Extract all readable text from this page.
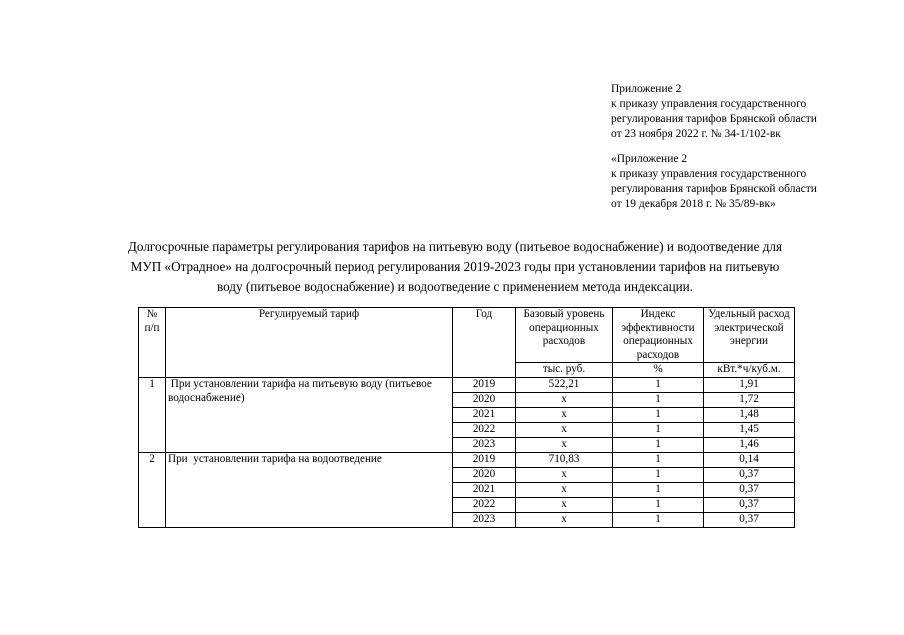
Приложение 2
к приказу управления государственного
регулирования тарифов Брянской области
от 23 ноября 2022 г. № 34-1/102-вк
«Приложение 2
к приказу управления государственного
регулирования тарифов Брянской области
от 19 декабря 2018 г. № 35/89-вк»
Долгосрочные параметры регулирования тарифов на питьевую воду (питьевое водоснабжение) и водоотведение для
МУП «Отрадное» на долгосрочный период регулирования 2019-2023 годы при установлении тарифов на питьевую
воду (питьевое водоснабжение) и водоотведение с применением метода индексации.
№ п/п	Регулируемый тариф	Год	Базовый уровень операционных расходов	Индекс эффективности операционных расходов	Удельный расход электрической энергии
			тыс. руб.	%	кВт.*ч/куб.м.
1	При установлении тарифа на питьевую воду (питьевое водоснабжение)	2019	522,21	1	1,91
		2020	х	1	1,72
		2021	х	1	1,48
		2022	х	1	1,45
		2023	х	1	1,46
2	При  установлении тарифа на водоотведение	2019	710,83	1	0,14
		2020	х	1	0,37
		2021	х	1	0,37
		2022	х	1	0,37
		2023	х	1	0,37
